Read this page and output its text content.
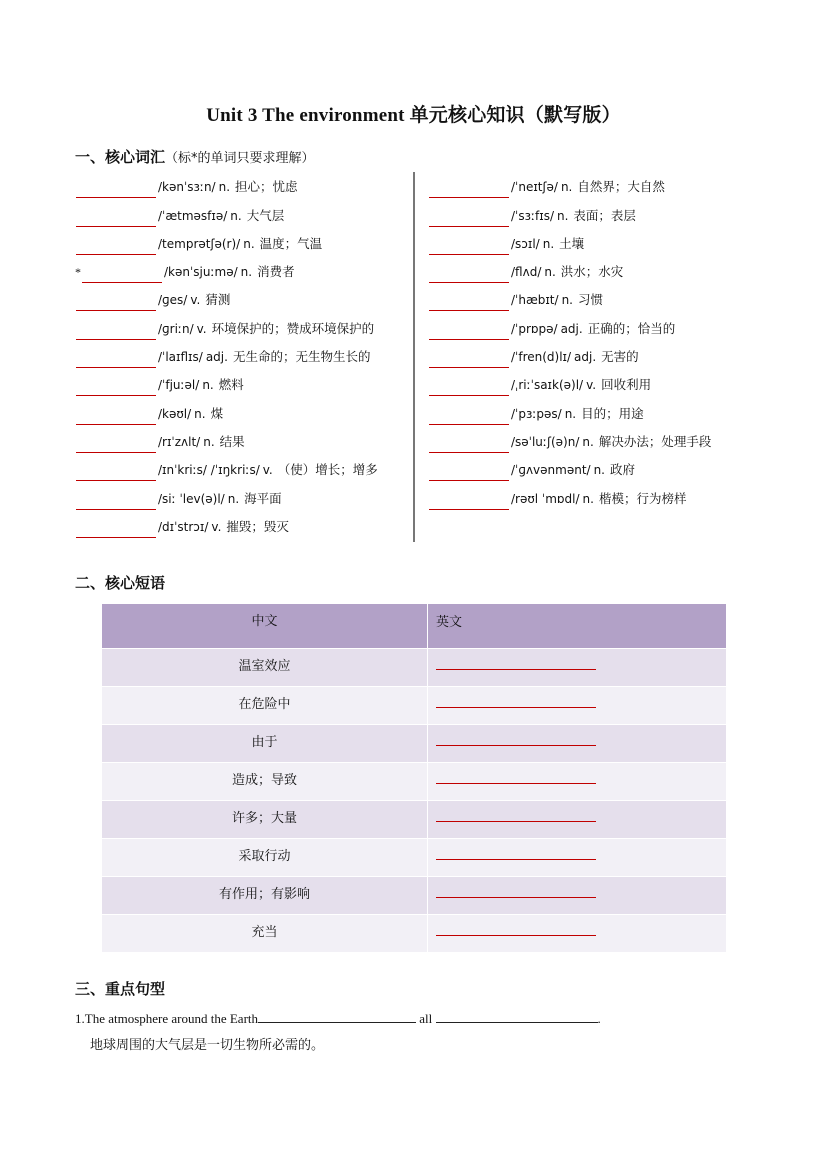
Unit 3 The environment 单元核心知识（默写版）
一、核心词汇（标*的单词只要求理解）
/kənˈsɜːn/ n. 担心；忧虑
/ˈætməsfɪə/ n. 大气层
/temprətʃə(r)/ n. 温度；气温
*	/kənˈsjuːmə/ n. 消费者
/ɡes/ v. 猜测
/ɡriːn/ v. 环境保护的；赞成环境保护的
/ˈlaɪflɪs/ adj. 无生命的；无生物生长的
/ˈfjuːəl/ n. 燃料
/kəʊl/ n. 煤
/rɪˈzʌlt/ n. 结果
/ɪnˈkriːs/ /ˈɪŋkriːs/ v. （使）增长；增多
/siː ˈlev(ə)l/ n. 海平面
/dɪˈstrɔɪ/ v. 摧毁；毁灭
/ˈneɪtʃə/ n. 自然界；大自然
/ˈsɜːfɪs/ n. 表面；表层
/sɔɪl/ n. 土壤
/flʌd/ n. 洪水；水灾
/ˈhæbɪt/ n. 习惯
/ˈprɒpə/ adj. 正确的；恰当的
/ˈfren(d)lɪ/ adj. 无害的
/ˌriːˈsaɪk(ə)l/ v. 回收利用
/ˈpɜːpəs/ n. 目的；用途
/səˈluːʃ(ə)n/ n. 解决办法；处理手段
/ˈɡʌvənmənt/ n. 政府
/rəʊl ˈmɒdl/ n. 楷模；行为榜样
二、核心短语
中文	英文
温室效应	

在危险中	

由于	

造成；导致	

许多；大量	

采取行动	

有作用；有影响	

充当	
三、重点句型
1.The atmosphere around the Earth	all	.
地球周围的大气层是一切生物所必需的。
